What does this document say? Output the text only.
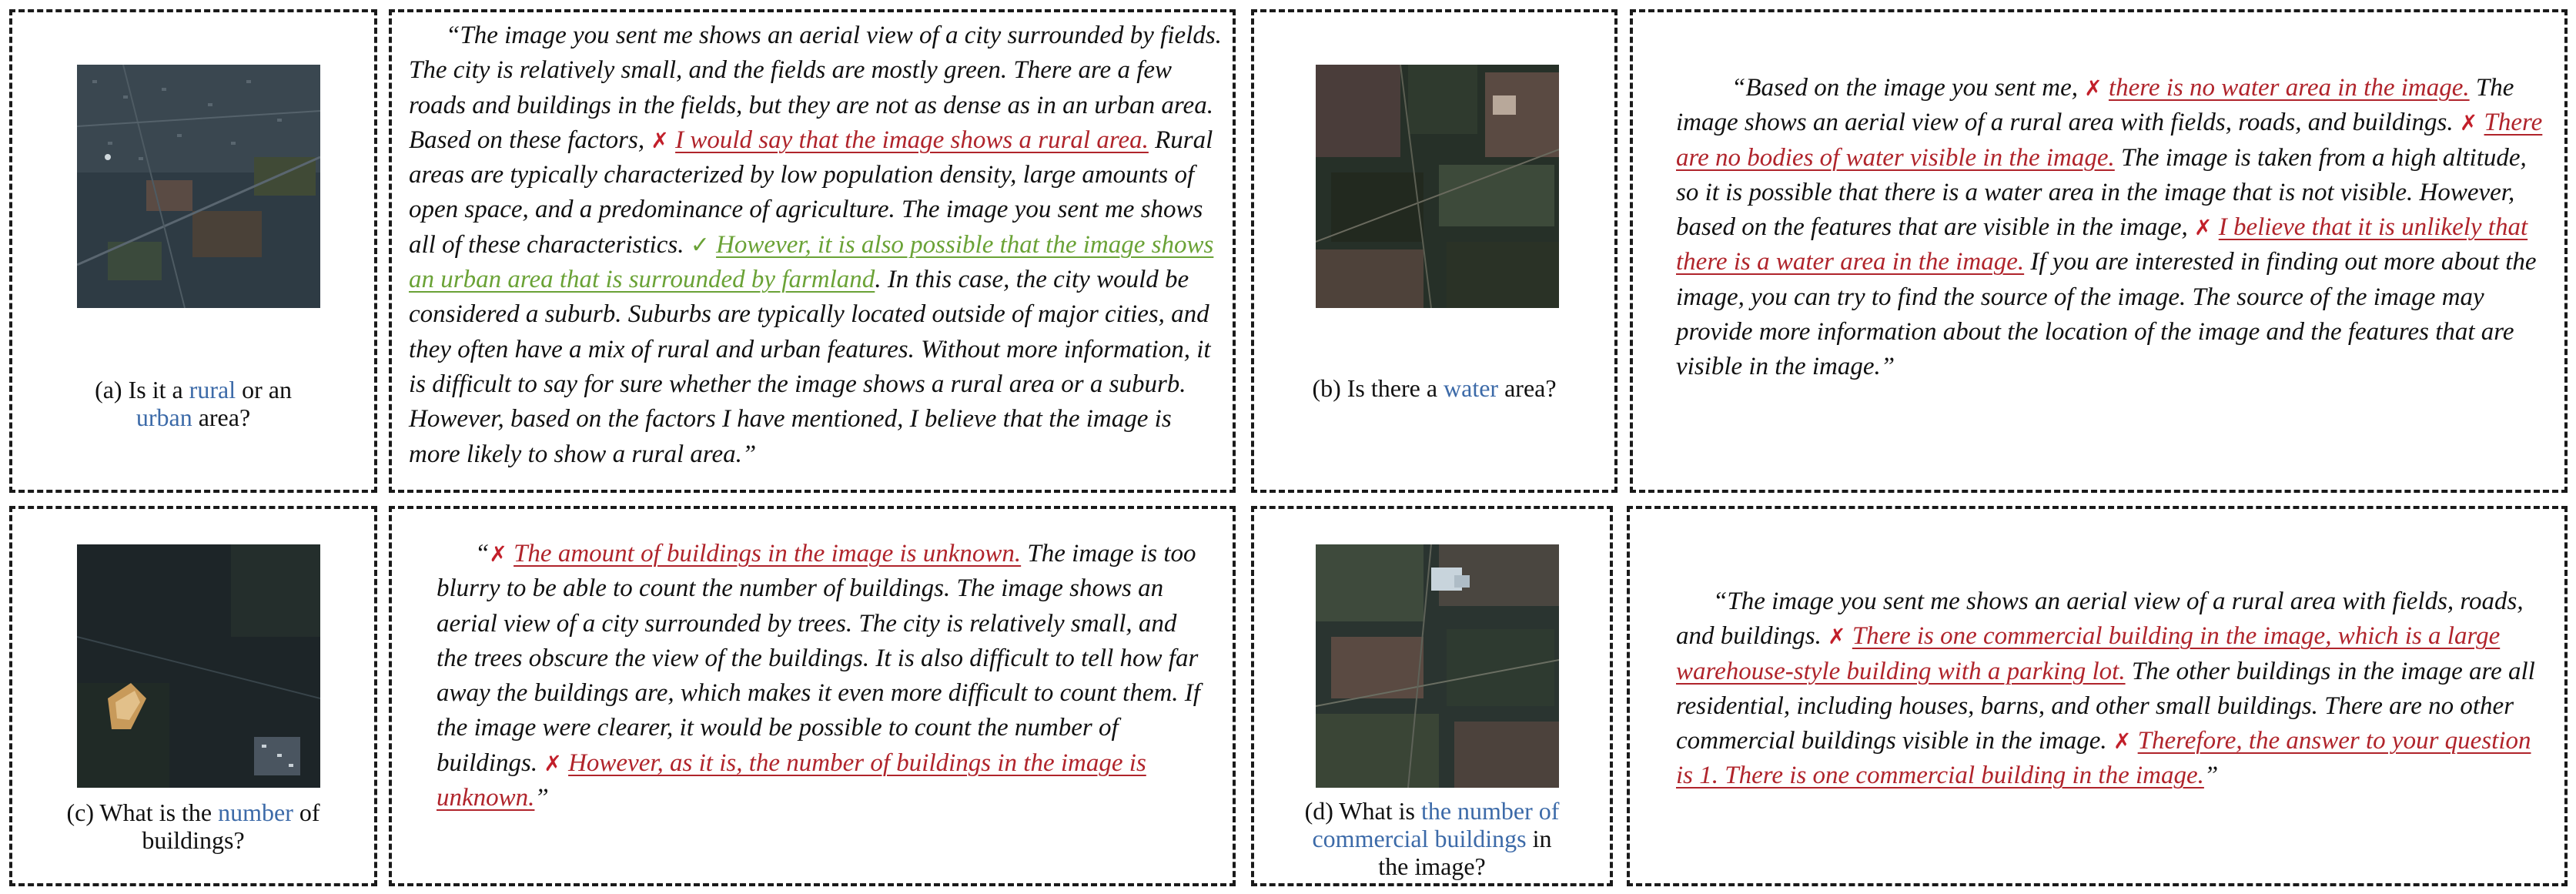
(a) Is it a rural or an
urban area?
“The image you sent me shows an aerial view of a city surrounded by fields. The city is relatively small, and the fields are mostly green. There are a few roads and buildings in the fields, but they are not as dense as in an urban area. Based on these factors, ✗ I would say that the image shows a rural area. Rural areas are typically characterized by low population density, large amounts of open space, and a predominance of agriculture. The image you sent me shows all of these characteristics. ✓ However, it is also possible that the image shows an urban area that is surrounded by farmland. In this case, the city would be considered a suburb. Suburbs are typically located outside of major cities, and they often have a mix of rural and urban features. Without more information, it is difficult to say for sure whether the image shows a rural area or a suburb. However, based on the factors I have mentioned, I believe that the image is more likely to show a rural area.”
(b) Is there a water area?
“Based on the image you sent me, ✗ there is no water area in the image. The image shows an aerial view of a rural area with fields, roads, and buildings. ✗ There are no bodies of water visible in the image. The image is taken from a high altitude, so it is possible that there is a water area in the image that is not visible. However, based on the features that are visible in the image, ✗ I believe that it is unlikely that there is a water area in the image. If you are interested in finding out more about the image, you can try to find the source of the image. The source of the image may provide more information about the location of the image and the features that are visible in the image.”
(c) What is the number of
buildings?
“✗ The amount of buildings in the image is unknown. The image is too blurry to be able to count the number of buildings. The image shows an aerial view of a city surrounded by trees. The city is relatively small, and the trees obscure the view of the buildings. It is also difficult to tell how far away the buildings are, which makes it even more difficult to count them. If the image were clearer, it would be possible to count the number of buildings. ✗ However, as it is, the number of buildings in the image is unknown.”	(d) What is the number of
commercial buildings in
the image?
“The image you sent me shows an aerial view of a rural area with fields, roads, and buildings. ✗ There is one commercial building in the image, which is a large warehouse-style building with a parking lot. The other buildings in the image are all residential, including houses, barns, and other small buildings. There are no other commercial buildings visible in the image. ✗ Therefore, the answer to your question is 1. There is one commercial building in the image.”
